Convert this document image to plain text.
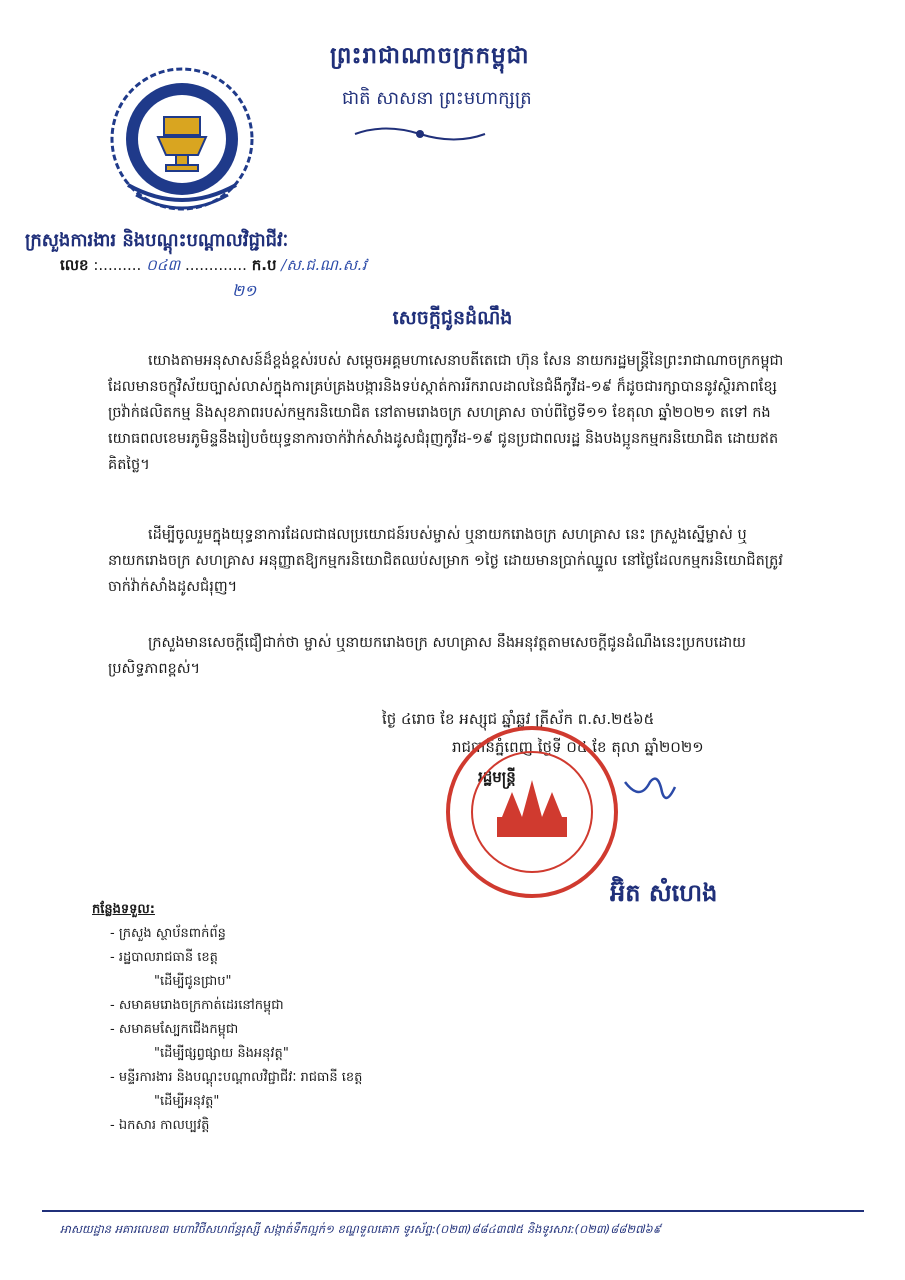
ព្រះរាជាណាចក្រកម្ពុជា
ជាតិ សាសនា ព្រះមហាក្សត្រ
ក្រសួងការងារ និងបណ្តុះបណ្តាលវិជ្ជាជីវៈ
លេខ :......... ០៤៣ ............. ក.ប /ស.ជ.ណ.ស.វ
២១
សេចក្តីជូនដំណឹង
យោងតាមអនុសាសន៍ដ៏ខ្ពង់ខ្ពស់របស់ សម្តេចអគ្គមហាសេនាបតីតេជោ ហ៊ុន សែន នាយករដ្ឋមន្ត្រីនៃព្រះរាជាណាចក្រកម្ពុជាដែលមានចក្ខុវិស័យច្បាស់លាស់ក្នុងការគ្រប់គ្រងបង្ការនិងទប់ស្កាត់ការរីករាលដាលនៃជំងឺកូវីដ-១៩ ក៏ដូចជារក្សាបាននូវស្ថិរភាពខ្សែច្រវ៉ាក់ផលិតកម្ម និងសុខភាពរបស់កម្មករនិយោជិត នៅតាមរោងចក្រ សហគ្រាស ចាប់ពីថ្ងៃទី១១ ខែតុលា ឆ្នាំ២០២១ តទៅ កងយោធពលខេមរភូមិន្ទនឹងរៀបចំយុទ្ធនាការចាក់វ៉ាក់សាំងដូសជំរុញកូវីដ-១៩ ជូនប្រជាពលរដ្ឋ និងបងប្អូនកម្មករនិយោជិត ដោយឥតគិតថ្លៃ។
ដើម្បីចូលរួមក្នុងយុទ្ធនាការដែលជាផលប្រយោជន៍របស់ម្ចាស់ ឬនាយករោងចក្រ សហគ្រាស នេះ ក្រសួងស្នើម្ចាស់ ឬនាយករោងចក្រ សហគ្រាស អនុញ្ញាតឱ្យកម្មករនិយោជិតឈប់សម្រាក ១ថ្ងៃ ដោយមានប្រាក់ឈ្នួល នៅថ្ងៃដែលកម្មករនិយោជិតត្រូវចាក់វ៉ាក់សាំងដូសជំរុញ។
ក្រសួងមានសេចក្តីជឿជាក់ថា ម្ចាស់ ឬនាយករោងចក្រ សហគ្រាស នឹងអនុវត្តតាមសេចក្តីជូនដំណឹងនេះប្រកបដោយប្រសិទ្ធភាពខ្ពស់។
ថ្ងៃ ៤រោច ខែ អស្សុជ ឆ្នាំឆ្លូវ ត្រីស័ក ព.ស.២៥៦៥
រាជធានីភ្នំពេញ ថ្ងៃទី ០៤ ខែ តុលា ឆ្នាំ២០២១
រដ្ឋមន្ត្រី
អ៊ិត សំហេង
កន្លែងទទួល:
- ក្រសួង ស្ថាប័នពាក់ព័ន្ធ
- រដ្ឋបាលរាជធានី ខេត្ត
"ដើម្បីជូនជ្រាប"
- សមាគមរោងចក្រកាត់ដេរនៅកម្ពុជា
- សមាគមស្បែកជើងកម្ពុជា
"ដើម្បីផ្សព្វផ្សាយ និងអនុវត្ត"
- មន្ទីរការងារ និងបណ្តុះបណ្តាលវិជ្ជាជីវៈ រាជធានី ខេត្ត
"ដើម្បីអនុវត្ត"
- ឯកសារ កាលប្បវត្តិ
អាសយដ្ឋាន អគារលេខ៣ មហាវិថីសហព័ន្ធរុស្សី សង្កាត់ទឹកល្អក់១ ខណ្ឌទួលគោក ទូរស័ព្ទ:(០២៣)៨៨៤៣៧៥ និងទូរសារ:(០២៣)៨៨២៧៦៩
